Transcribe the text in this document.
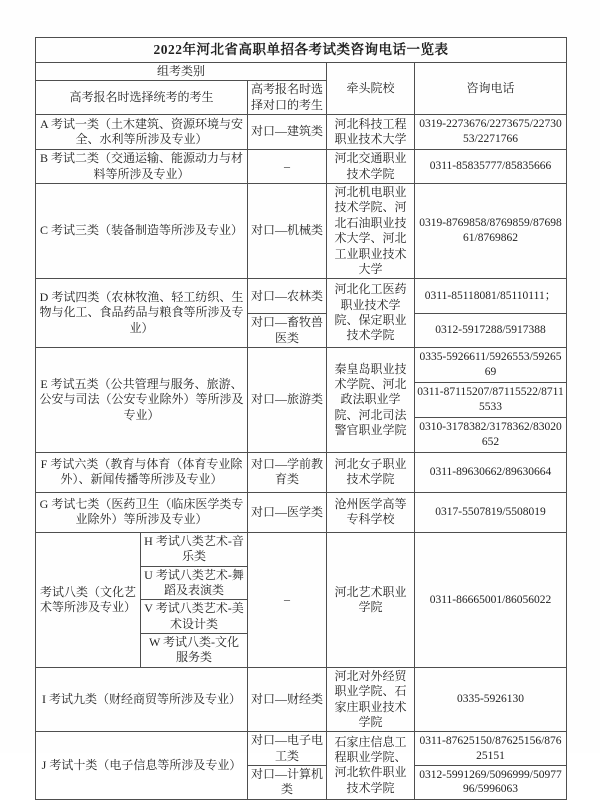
2022年河北省高职单招各考试类咨询电话一览表				
组考类别			牵头院校	咨询电话
高考报名时选择统考的考生		高考报名时选择对口的考生		
A 考试一类（土木建筑、资源环境与安全、水利等所涉及专业）		对口—建筑类	河北科技工程职业技术大学	0319-2273676/2273675/2273053/2271766
B 考试二类（交通运输、能源动力与材料等所涉及专业）		–	河北交通职业技术学院	0311-85835777/85835666
C 考试三类（装备制造等所涉及专业）		对口—机械类	河北机电职业技术学院、河北石油职业技术大学、河北工业职业技术大学	0319-8769858/8769859/8769861/8769862
D 考试四类（农林牧渔、轻工纺织、生物与化工、食品药品与粮食等所涉及专业）		对口—农林类	河北化工医药职业技术学院、保定职业技术学院	0311-85118081/85110111；
		对口—畜牧兽医类		0312-5917288/5917388
E 考试五类（公共管理与服务、旅游、公安与司法（公安专业除外）等所涉及专业）		对口—旅游类	秦皇岛职业技术学院、河北政法职业学院、河北司法警官职业学院	0335-5926611/5926553/5926569
				0311-87115207/87115522/87115533
				0310-3178382/3178362/83020652
F 考试六类（教育与体育（体育专业除外）、新闻传播等所涉及专业）		对口—学前教育类	河北女子职业技术学院	0311-89630662/89630664
G 考试七类（医药卫生（临床医学类专业除外）等所涉及专业）		对口—医学类	沧州医学高等专科学校	0317-5507819/5508019
考试八类（文化艺术等所涉及专业）	H 考试八类艺术-音乐类	–	河北艺术职业学院	0311-86665001/86056022
	U 考试八类艺术-舞蹈及表演类			
	V 考试八类艺术-美术设计类			
	W 考试八类-文化服务类			
I 考试九类（财经商贸等所涉及专业）		对口—财经类	河北对外经贸职业学院、石家庄职业技术学院	0335-5926130
J 考试十类（电子信息等所涉及专业）		对口—电子电工类	石家庄信息工程职业学院、河北软件职业技术学院	0311-87625150/87625156/87625151
		对口—计算机类		0312-5991269/5096999/5097796/5996063
